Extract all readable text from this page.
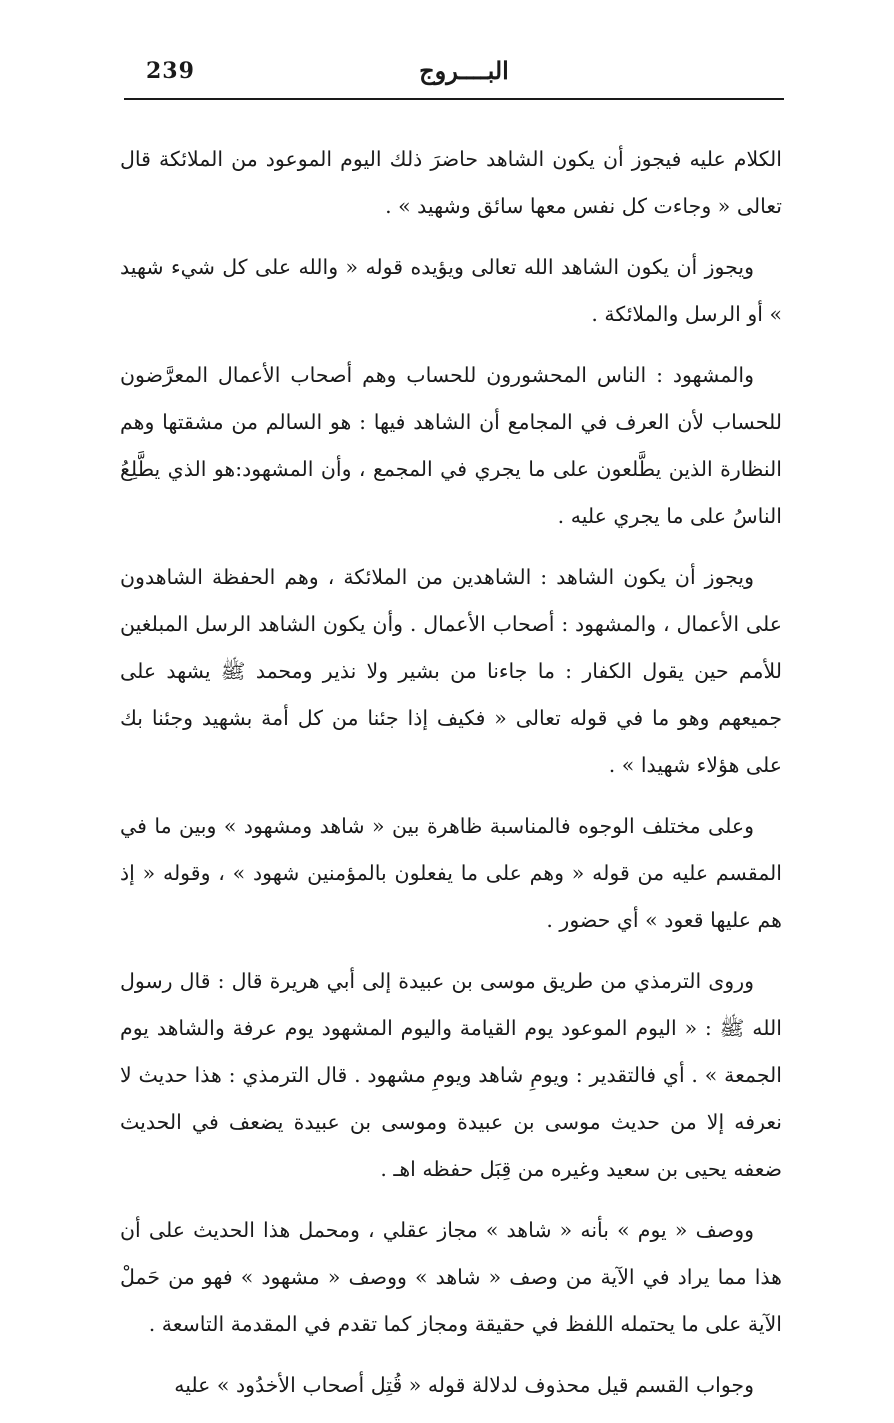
239	البــــروج

الكلام عليه فيجوز أن يكون الشاهد حاضرَ ذلك اليوم الموعود من الملائكة قال تعالى « وجاءت كل نفس معها سائق وشهيد » .

ويجوز أن يكون الشاهد الله تعالى ويؤيده قوله « والله على كل شيء شهيد » أو الرسل والملائكة .

والمشهود : الناس المحشورون للحساب وهم أصحاب الأعمال المعرَّضون للحساب لأن العرف في المجامع أن الشاهد فيها : هو السالم من مشقتها وهم النظارة الذين يطَّلعون على ما يجري في المجمع ، وأن المشهود:هو الذي يطَّلِعُ الناسُ على ما يجري عليه .

ويجوز أن يكون الشاهد : الشاهدين من الملائكة ، وهم الحفظة الشاهدون على الأعمال ، والمشهود : أصحاب الأعمال . وأن يكون الشاهد الرسل المبلغين للأمم حين يقول الكفار : ما جاءنا من بشير ولا نذير ومحمد ﷺ يشهد على جميعهم وهو ما في قوله تعالى « فكيف إذا جئنا من كل أمة بشهيد وجئنا بك على هؤلاء شهيدا » .

وعلى مختلف الوجوه فالمناسبة ظاهرة بين « شاهد ومشهود » وبين ما في المقسم عليه من قوله « وهم على ما يفعلون بالمؤمنين شهود » ، وقوله « إذ هم عليها قعود » أي حضور .

وروى الترمذي من طريق موسى بن عبيدة إلى أبي هريرة قال : قال رسول الله ﷺ : « اليوم الموعود يوم القيامة واليوم المشهود يوم عرفة والشاهد يوم الجمعة » . أي فالتقدير : ويومِ شاهد ويومِ مشهود . قال الترمذي : هذا حديث لا نعرفه إلا من حديث موسى بن عبيدة وموسى بن عبيدة يضعف في الحديث ضعفه يحيى بن سعيد وغيره من قِبَل حفظه اهـ .

ووصف « يوم » بأنه « شاهد » مجاز عقلي ، ومحمل هذا الحديث على أن هذا مما يراد في الآية من وصف « شاهد » ووصف « مشهود » فهو من حَملْ الآية على ما يحتمله اللفظ في حقيقة ومجاز كما تقدم في المقدمة التاسعة .

وجواب القسم قيل محذوف لدلالة قوله « قُتِل أصحاب الأخدُود » عليه
